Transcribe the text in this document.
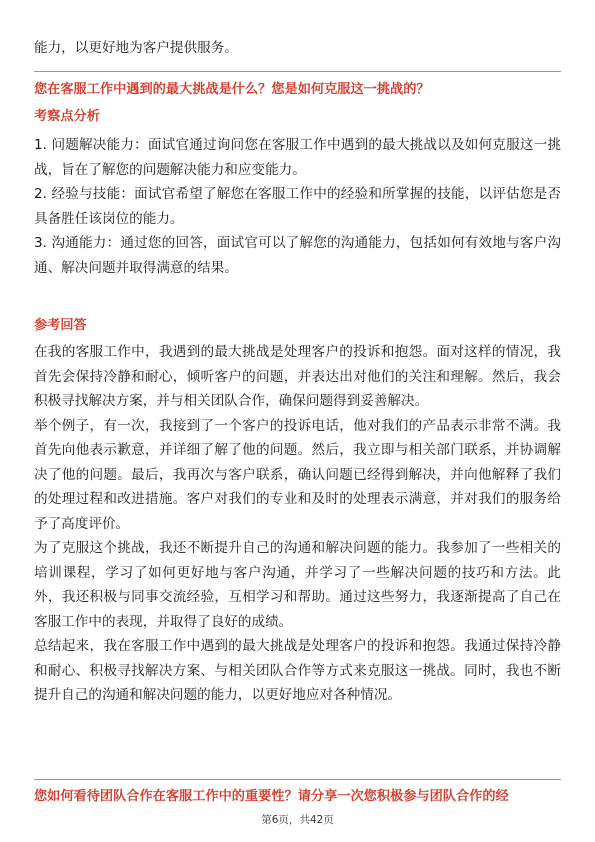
能力，以更好地为客户提供服务。

您在客服工作中遇到的最大挑战是什么？您是如何克服这一挑战的？

考察点分析

1. 问题解决能力：面试官通过询问您在客服工作中遇到的最大挑战以及如何克服这一挑战，旨在了解您的问题解决能力和应变能力。

2. 经验与技能：面试官希望了解您在客服工作中的经验和所掌握的技能，以评估您是否具备胜任该岗位的能力。

3. 沟通能力：通过您的回答，面试官可以了解您的沟通能力，包括如何有效地与客户沟通、解决问题并取得满意的结果。

参考回答

在我的客服工作中，我遇到的最大挑战是处理客户的投诉和抱怨。面对这样的情况，我首先会保持冷静和耐心，倾听客户的问题，并表达出对他们的关注和理解。然后，我会积极寻找解决方案，并与相关团队合作，确保问题得到妥善解决。

举个例子，有一次，我接到了一个客户的投诉电话，他对我们的产品表示非常不满。我首先向他表示歉意，并详细了解了他的问题。然后，我立即与相关部门联系，并协调解决了他的问题。最后，我再次与客户联系，确认问题已经得到解决，并向他解释了我们的处理过程和改进措施。客户对我们的专业和及时的处理表示满意，并对我们的服务给予了高度评价。

为了克服这个挑战，我还不断提升自己的沟通和解决问题的能力。我参加了一些相关的培训课程，学习了如何更好地与客户沟通，并学习了一些解决问题的技巧和方法。此外，我还积极与同事交流经验，互相学习和帮助。通过这些努力，我逐渐提高了自己在客服工作中的表现，并取得了良好的成绩。

总结起来，我在客服工作中遇到的最大挑战是处理客户的投诉和抱怨。我通过保持冷静和耐心、积极寻找解决方案、与相关团队合作等方式来克服这一挑战。同时，我也不断提升自己的沟通和解决问题的能力，以更好地应对各种情况。

您如何看待团队合作在客服工作中的重要性？请分享一次您积极参与团队合作的经

第6页，共42页
